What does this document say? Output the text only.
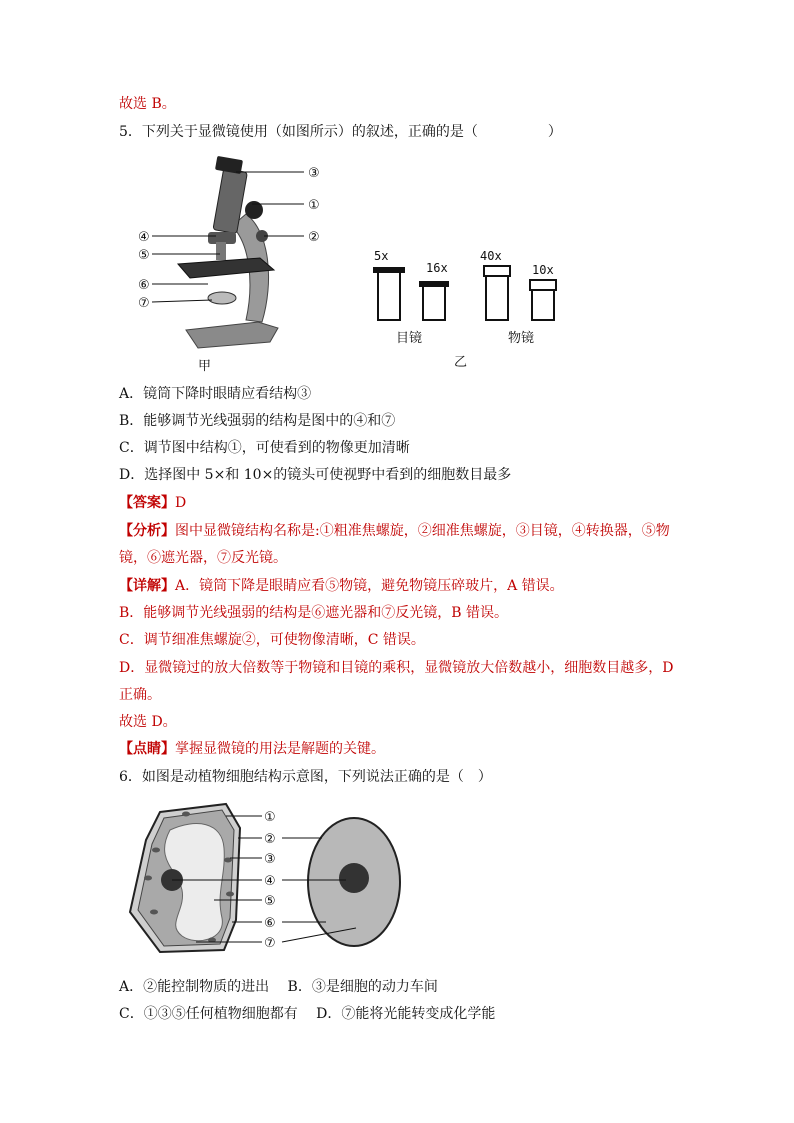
故选 B。
5．下列关于显微镜使用（如图所示）的叙述，正确的是（　　　　　）
③
①
②
④
⑤
⑥
⑦
甲
5x
16x
40x
10x
目镜	物镜
乙
A．镜筒下降时眼睛应看结构③
B．能够调节光线强弱的结构是图中的④和⑦
C．调节图中结构①，可使看到的物像更加清晰
D．选择图中 5×和 10×的镜头可使视野中看到的细胞数目最多
【答案】D
【分析】图中显微镜结构名称是:①粗准焦螺旋，②细准焦螺旋，③目镜，④转换器，⑤物
镜，⑥遮光器，⑦反光镜。
【详解】A．镜筒下降是眼睛应看⑤物镜，避免物镜压碎玻片，A 错误。
B．能够调节光线强弱的结构是⑥遮光器和⑦反光镜，B 错误。
C．调节细准焦螺旋②，可使物像清晰，C 错误。
D．显微镜过的放大倍数等于物镜和目镜的乘积，显微镜放大倍数越小，细胞数目越多，D
正确。
故选 D。
【点睛】掌握显微镜的用法是解题的关键。
6．如图是动植物细胞结构示意图，下列说法正确的是（　）
①
②
③
④
⑤
⑥
⑦
A．②能控制物质的进出　 B．③是细胞的动力车间
C．①③⑤任何植物细胞都有　 D．⑦能将光能转变成化学能
